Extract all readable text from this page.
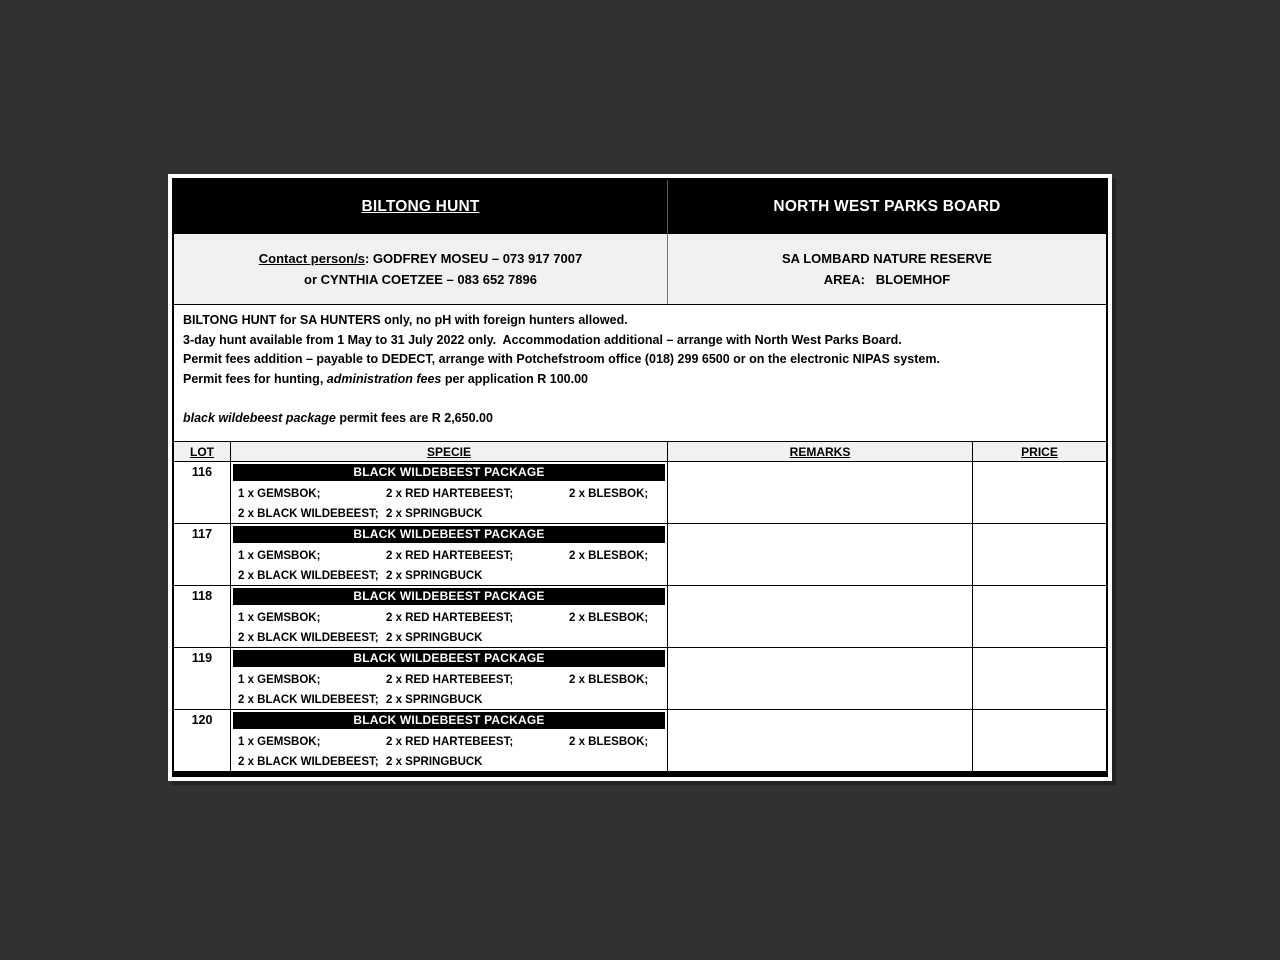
BILTONG HUNT	NORTH WEST PARKS BOARD
Contact person/s: GODFREY MOSEU – 073 917 7007
or CYNTHIA COETZEE – 083 652 7896
SA LOMBARD NATURE RESERVE
AREA:   BLOEMHOF
BILTONG HUNT for SA HUNTERS only, no pH with foreign hunters allowed.
3-day hunt available from 1 May to 31 July 2022 only.  Accommodation additional – arrange with North West Parks Board.
Permit fees addition – payable to DEDECT, arrange with Potchefstroom office (018) 299 6500 or on the electronic NIPAS system.
Permit fees for hunting, administration fees per application R 100.00
black wildebeest package permit fees are R 2,650.00
LOT	SPECIE	REMARKS	PRICE
116	BLACK WILDEBEEST PACKAGE
1 x GEMSBOK;	2 x RED HARTEBEEST;	2 x BLESBOK;
2 x BLACK WILDEBEEST; 2 x SPRINGBUCK
117	BLACK WILDEBEEST PACKAGE
1 x GEMSBOK;	2 x RED HARTEBEEST;	2 x BLESBOK;
2 x BLACK WILDEBEEST; 2 x SPRINGBUCK
118	BLACK WILDEBEEST PACKAGE
1 x GEMSBOK;	2 x RED HARTEBEEST;	2 x BLESBOK;
2 x BLACK WILDEBEEST; 2 x SPRINGBUCK
119	BLACK WILDEBEEST PACKAGE
1 x GEMSBOK;	2 x RED HARTEBEEST;	2 x BLESBOK;
2 x BLACK WILDEBEEST; 2 x SPRINGBUCK
120	BLACK WILDEBEEST PACKAGE
1 x GEMSBOK;	2 x RED HARTEBEEST;	2 x BLESBOK;
2 x BLACK WILDEBEEST; 2 x SPRINGBUCK
